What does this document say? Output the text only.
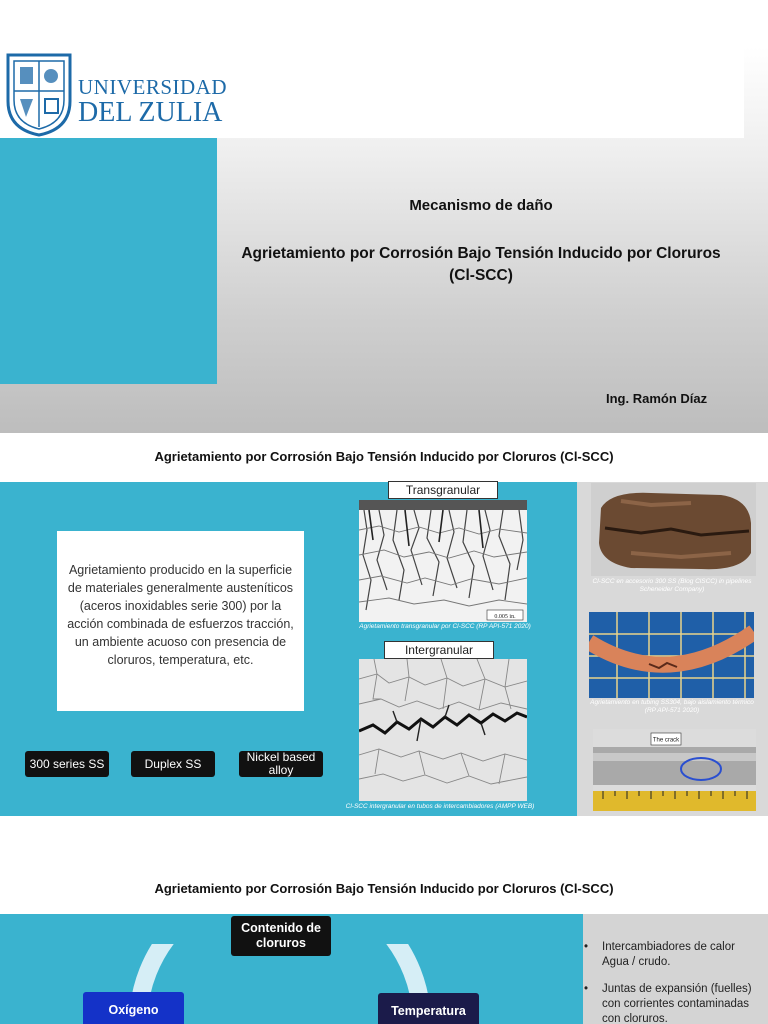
UNIVERSIDAD
DEL ZULIA
Mecanismo de daño
Agrietamiento por Corrosión Bajo Tensión Inducido por Cloruros
(Cl-SCC)
Ing. Ramón Díaz
Agrietamiento por Corrosión Bajo Tensión Inducido por Cloruros (Cl-SCC)
Agrietamiento producido en la superficie de materiales generalmente austeníticos (aceros inoxidables serie 300) por la acción combinada de esfuerzos tracción, un ambiente acuoso con presencia de cloruros, temperatura, etc.
300 series SS	Duplex SS	Nickel based alloy
0.005 in.
Transgranular
Agrietamiento transgranular por Cl-SCC (RP API-571 2020)
Intergranular
Cl-SCC intergranular en tubos de intercambiadores (AMPP WEB)
Cl-SCC en accesorio 300 SS (Blog ClSCC) in pipelines Scheneider Company)
Agrietamiento en tubing SS304, bajo aislamiento térmico (RP API-571 2020)
The crack
Agrietamiento por Corrosión Bajo Tensión Inducido por Cloruros (Cl-SCC)
Contenido de cloruros
Oxígeno	Temperatura
• Intercambiadores de calor Agua / crudo.
• Juntas de expansión (fuelles) con corrientes contaminadas con cloruros.
